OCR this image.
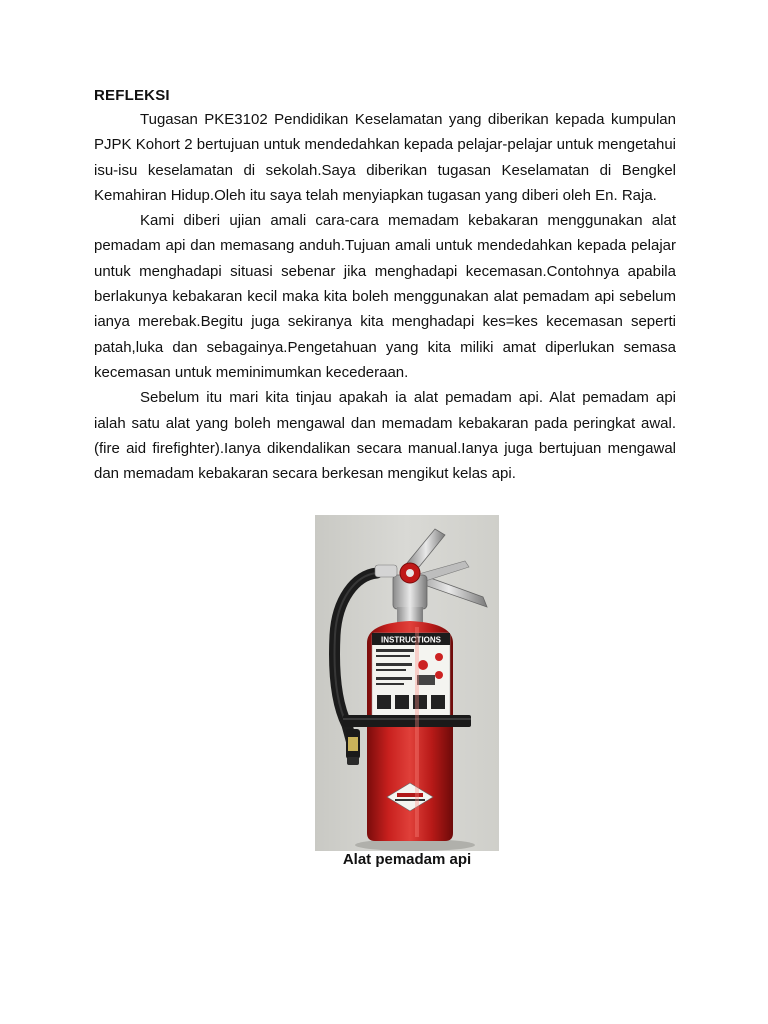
REFLEKSI

Tugasan PKE3102 Pendidikan Keselamatan yang diberikan kepada kumpulan PJPK Kohort 2 bertujuan untuk mendedahkan kepada pelajar-pelajar untuk mengetahui isu-isu keselamatan di sekolah.Saya diberikan tugasan Keselamatan di Bengkel Kemahiran Hidup.Oleh itu saya telah menyiapkan tugasan yang diberi oleh En. Raja.

Kami diberi ujian amali cara-cara memadam kebakaran menggunakan alat pemadam api dan memasang anduh.Tujuan amali untuk mendedahkan kepada pelajar untuk menghadapi situasi sebenar jika menghadapi kecemasan.Contohnya apabila berlakunya kebakaran kecil maka kita boleh menggunakan alat pemadam api sebelum ianya merebak.Begitu juga sekiranya kita menghadapi kes=kes kecemasan seperti patah,luka dan sebagainya.Pengetahuan yang kita miliki amat diperlukan semasa kecemasan untuk meminimumkan kecederaan.

Sebelum itu mari kita tinjau apakah ia alat pemadam api. Alat pemadam api ialah satu alat yang boleh mengawal dan memadam kebakaran pada peringkat awal. (fire aid firefighter).Ianya dikendalikan secara manual.Ianya juga bertujuan mengawal dan memadam kebakaran secara berkesan mengikut kelas api.

INSTRUCTIONS
Alat pemadam api
